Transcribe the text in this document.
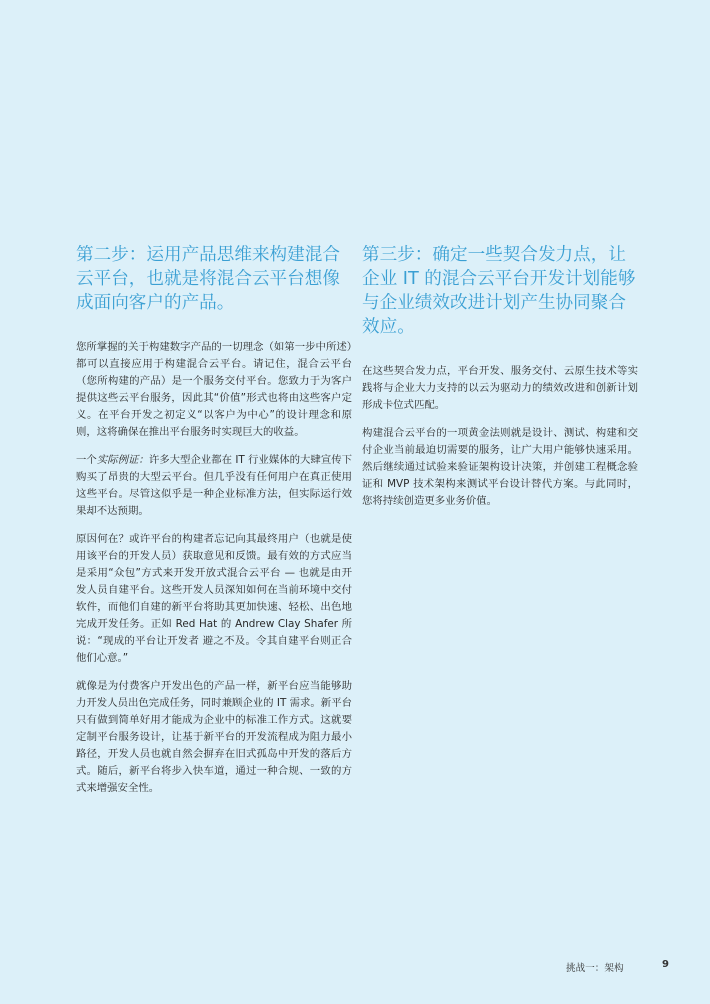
第二步：运用产品思维来构建混合云平台，也就是将混合云平台想像成面向客户的产品。

您所掌握的关于构建数字产品的一切理念（如第一步中所述）都可以直接应用于构建混合云平台。请记住，混合云平台（您所构建的产品）是一个服务交付平台。您致力于为客户提供这些云平台服务，因此其“价值”形式也将由这些客户定义。在平台开发之初定义“以客户为中心”的设计理念和原则，这将确保在推出平台服务时实现巨大的收益。

一个实际例证：许多大型企业都在 IT 行业媒体的大肆宣传下购买了昂贵的大型云平台。但几乎没有任何用户在真正使用这些平台。尽管这似乎是一种企业标准方法，但实际运行效果却不达预期。

原因何在？或许平台的构建者忘记向其最终用户（也就是使用该平台的开发人员）获取意见和反馈。最有效的方式应当是采用“众包”方式来开发开放式混合云平台 — 也就是由开发人员自建平台。这些开发人员深知如何在当前环境中交付软件，而他们自建的新平台将助其更加快速、轻松、出色地完成开发任务。正如 Red Hat 的 Andrew Clay Shafer 所说：“现成的平台让开发者 避之不及。令其自建平台则正合他们心意。”

就像是为付费客户开发出色的产品一样，新平台应当能够助力开发人员出色完成任务，同时兼顾企业的 IT 需求。新平台只有做到简单好用才能成为企业中的标准工作方式。这就要定制平台服务设计，让基于新平台的开发流程成为阻力最小路径，开发人员也就自然会摒弃在旧式孤岛中开发的落后方式。随后，新平台将步入快车道，通过一种合规、一致的方式来增强安全性。

第三步：确定一些契合发力点，让企业 IT 的混合云平台开发计划能够与企业绩效改进计划产生协同聚合效应。

在这些契合发力点，平台开发、服务交付、云原生技术等实践将与企业大力支持的以云为驱动力的绩效改进和创新计划形成卡位式匹配。

构建混合云平台的一项黄金法则就是设计、测试、构建和交付企业当前最迫切需要的服务，让广大用户能够快速采用。然后继续通过试验来验证架构设计决策，并创建工程概念验证和 MVP 技术架构来测试平台设计替代方案。与此同时，您将持续创造更多业务价值。

挑战一：架构	9
